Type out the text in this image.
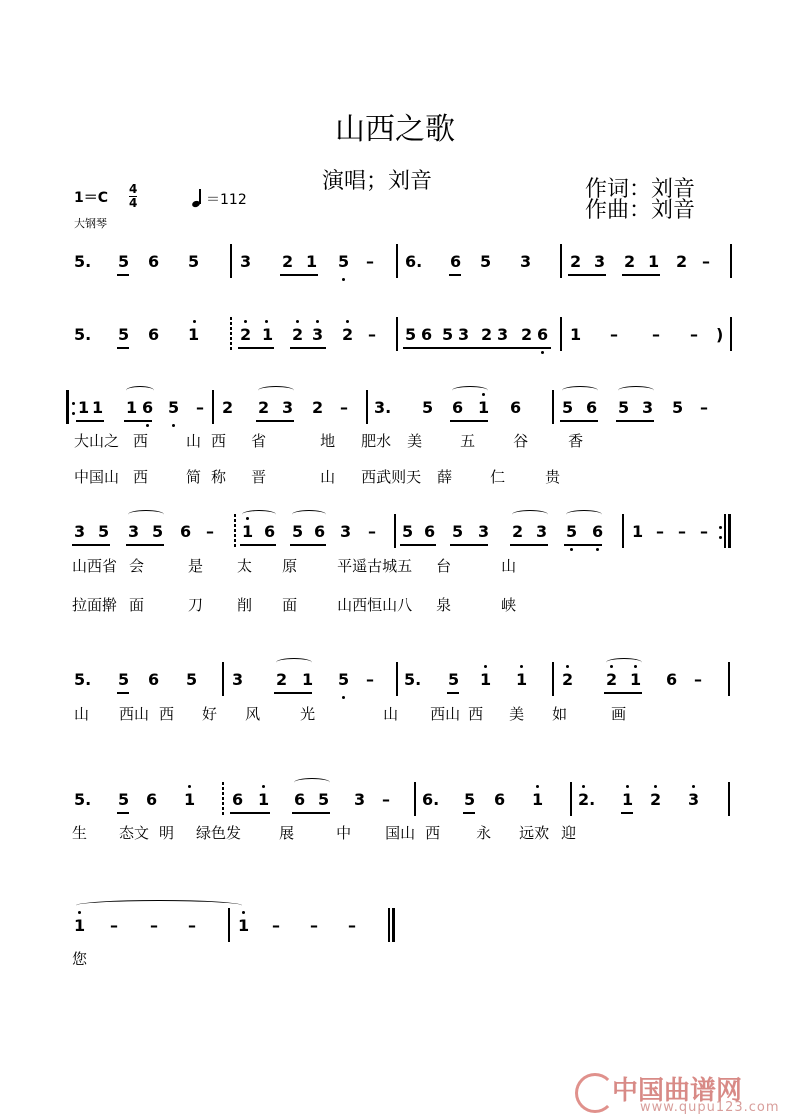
山西之歌
演唱；刘音	作词：刘音
作曲：刘音
1＝C
4
4	＝112
大钢琴
5. 5 6 5	3 2 1 5 – 6. 6 5 3 2 3 2 1 2 –
5. 5 6 1	2 1 2 3 2 – 5 6 5 3 2 3 2 6 1 – – – )
1 1 1 6 5 – 2 2 3 2 – 3. 5 6 1 6	5 6 5 3 5 –
大山之 西	山 西 省	地 肥水 美	五	谷	香
中国山 西	简 称 晋	山 西武则天 薛	仁	贵
3 5 3 5 6 – 1 6 5 6 3 – 5 6 5 3 2 3 5 6 1 – – –
山西省 会	是 太 原	平遥古城五 台	山
拉面擀 面	刀 削 面	山西恒山八 泉	峡
5. 5 6 5 3 2 1 5 – 5. 5 1 1 2 2 1 6 –
山 西山 西 好 风	光	山 西山 西 美 如	画
5. 5 6 1 6 1 6 5 3 – 6. 5 6 1 2. 1 2 3
生 态文 明 绿色发	展	中 国山 西 永 远欢 迎
1 – – –	1 – – –
您
中国曲谱网
www.qupu123.com
